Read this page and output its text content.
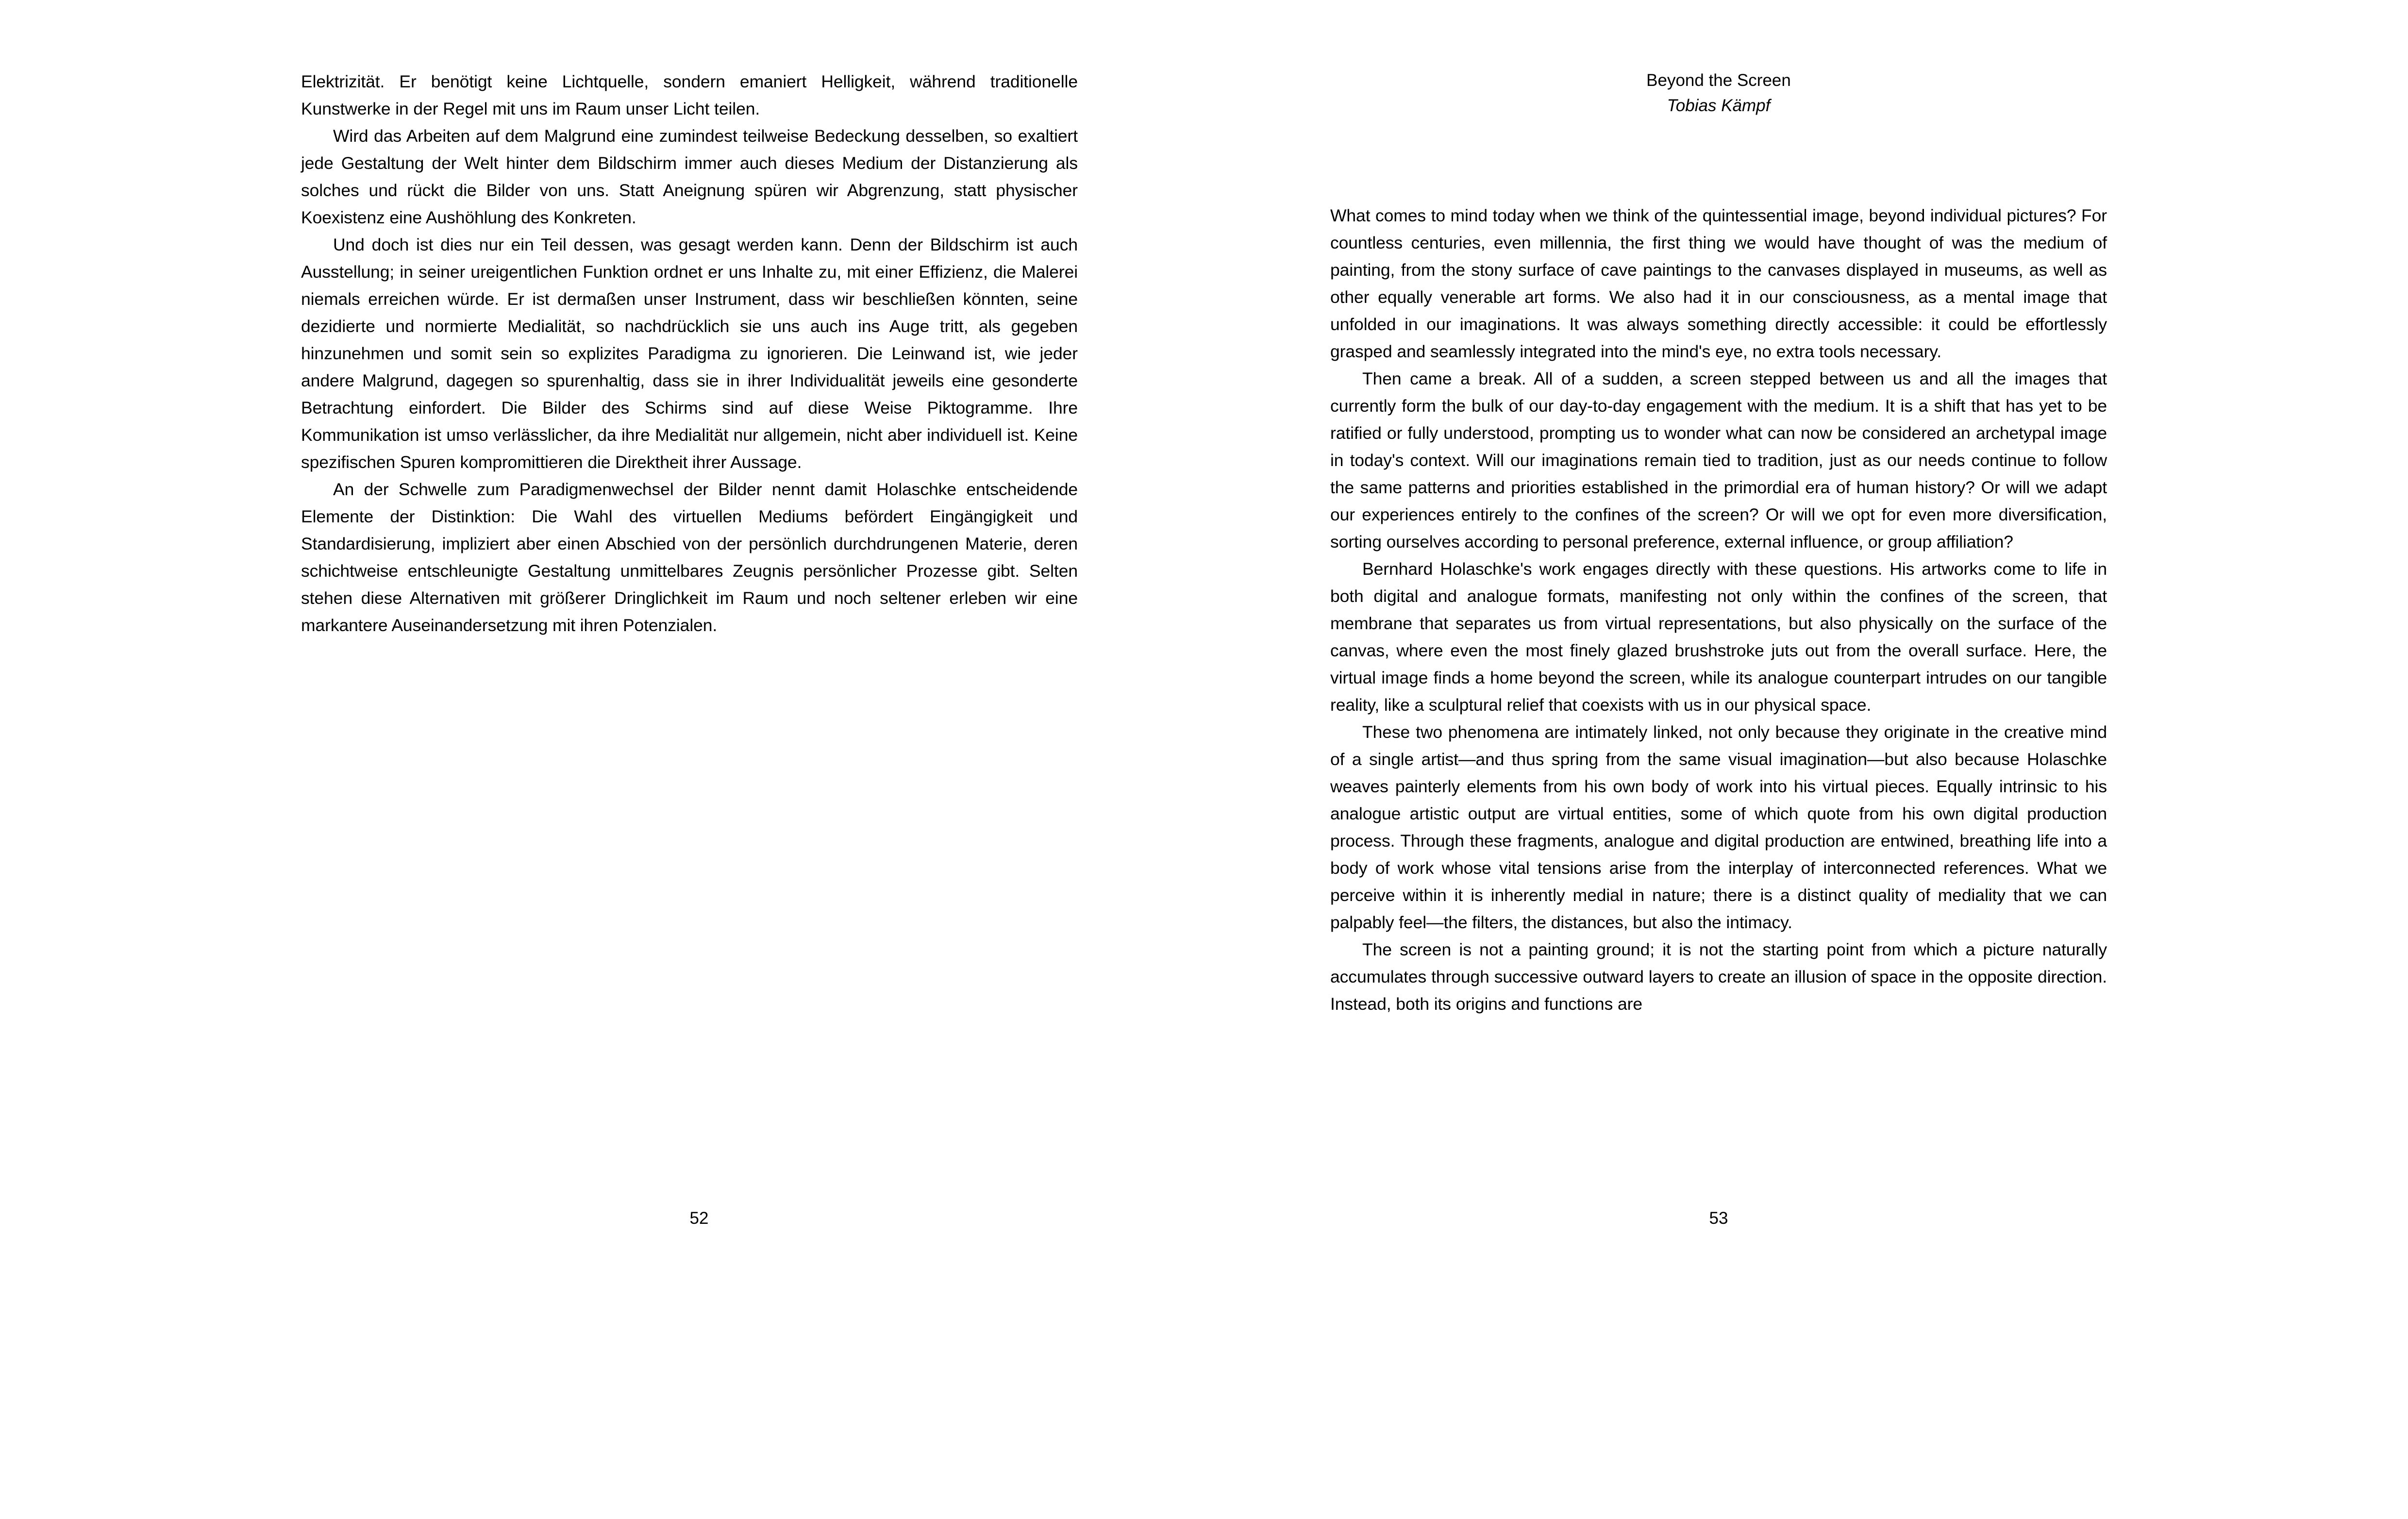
Elektrizität. Er benötigt keine Lichtquelle, sondern emaniert Helligkeit, während traditionelle Kunstwerke in der Regel mit uns im Raum unser Licht teilen.

Wird das Arbeiten auf dem Malgrund eine zumindest teilweise Bedeckung desselben, so exaltiert jede Gestaltung der Welt hinter dem Bildschirm immer auch dieses Medium der Distanzierung als solches und rückt die Bilder von uns. Statt Aneignung spüren wir Abgrenzung, statt physischer Koexistenz eine Aushöhlung des Konkreten.

Und doch ist dies nur ein Teil dessen, was gesagt werden kann. Denn der Bildschirm ist auch Ausstellung; in seiner ureigentlichen Funktion ordnet er uns Inhalte zu, mit einer Effizienz, die Malerei niemals erreichen würde. Er ist dermaßen unser Instrument, dass wir beschließen könnten, seine dezidierte und normierte Medialität, so nachdrücklich sie uns auch ins Auge tritt, als gegeben hinzunehmen und somit sein so explizites Paradigma zu ignorieren. Die Leinwand ist, wie jeder andere Malgrund, dagegen so spurenhaltig, dass sie in ihrer Individualität jeweils eine gesonderte Betrachtung einfordert. Die Bilder des Schirms sind auf diese Weise Piktogramme. Ihre Kommunikation ist umso verlässlicher, da ihre Medialität nur allgemein, nicht aber individuell ist. Keine spezifischen Spuren kompromittieren die Direktheit ihrer Aussage.

An der Schwelle zum Paradigmenwechsel der Bilder nennt damit Holaschke entscheidende Elemente der Distinktion: Die Wahl des virtuellen Mediums befördert Eingängigkeit und Standardisierung, impliziert aber einen Abschied von der persönlich durchdrungenen Materie, deren schichtweise entschleunigte Gestaltung unmittelbares Zeugnis persönlicher Prozesse gibt. Selten stehen diese Alternativen mit größerer Dringlichkeit im Raum und noch seltener erleben wir eine markantere Auseinandersetzung mit ihren Potenzialen.

52
Beyond the Screen
Tobias Kämpf

What comes to mind today when we think of the quintessential image, beyond individual pictures? For countless centuries, even millennia, the first thing we would have thought of was the medium of painting, from the stony surface of cave paintings to the canvases displayed in museums, as well as other equally venerable art forms. We also had it in our consciousness, as a mental image that unfolded in our imaginations. It was always something directly accessible: it could be effortlessly grasped and seamlessly integrated into the mind's eye, no extra tools necessary.

Then came a break. All of a sudden, a screen stepped between us and all the images that currently form the bulk of our day-to-day engagement with the medium. It is a shift that has yet to be ratified or fully understood, prompting us to wonder what can now be considered an archetypal image in today's context. Will our imaginations remain tied to tradition, just as our needs continue to follow the same patterns and priorities established in the primordial era of human history? Or will we adapt our experiences entirely to the confines of the screen? Or will we opt for even more diversification, sorting ourselves according to personal preference, external influence, or group affiliation?

Bernhard Holaschke's work engages directly with these questions. His artworks come to life in both digital and analogue formats, manifesting not only within the confines of the screen, that membrane that separates us from virtual representations, but also physically on the surface of the canvas, where even the most finely glazed brushstroke juts out from the overall surface. Here, the virtual image finds a home beyond the screen, while its analogue counterpart intrudes on our tangible reality, like a sculptural relief that coexists with us in our physical space.

These two phenomena are intimately linked, not only because they originate in the creative mind of a single artist—and thus spring from the same visual imagination—but also because Holaschke weaves painterly elements from his own body of work into his virtual pieces. Equally intrinsic to his analogue artistic output are virtual entities, some of which quote from his own digital production process. Through these fragments, analogue and digital production are entwined, breathing life into a body of work whose vital tensions arise from the interplay of interconnected references. What we perceive within it is inherently medial in nature; there is a distinct quality of mediality that we can palpably feel—the filters, the distances, but also the intimacy.

The screen is not a painting ground; it is not the starting point from which a picture naturally accumulates through successive outward layers to create an illusion of space in the opposite direction. Instead, both its origins and functions are

53
